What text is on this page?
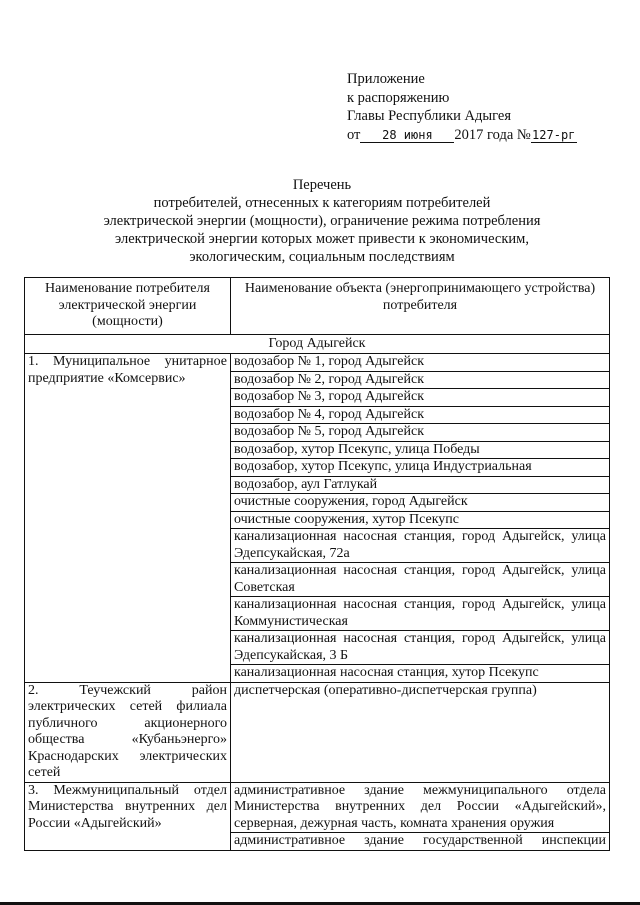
Приложение
к распоряжению
Главы Республики Адыгея
от 28 июня 2017 года №127-рг
Перечень
потребителей, отнесенных к категориям потребителей
электрической энергии (мощности), ограничение режима потребления
электрической энергии которых может привести к экономическим,
экологическим, социальным последствиям
Наименование потребителя электрической энергии (мощности)	Наименование объекта (энергопринимающего устройства) потребителя
Город Адыгейск	
1. Муниципальное унитарное предприятие «Комсервис»	водозабор № 1, город Адыгейск
	водозабор № 2, город Адыгейск
	водозабор № 3, город Адыгейск
	водозабор № 4, город Адыгейск
	водозабор № 5, город Адыгейск
	водозабор, хутор Псекупс, улица Победы
	водозабор, хутор Псекупс, улица Индустриальная
	водозабор, аул Гатлукай
	очистные сооружения, город Адыгейск
	очистные сооружения, хутор Псекупс
	канализационная насосная станция, город Адыгейск, улица Эдепсукайская, 72а
	канализационная насосная станция, город Адыгейск, улица Советская
	канализационная насосная станция, город Адыгейск, улица Коммунистическая
	канализационная насосная станция, город Адыгейск, улица Эдепсукайская, 3 Б
	канализационная насосная станция, хутор Псекупс
2. Теучежский район электрических сетей филиала публичного акционерного общества «Кубаньэнерго» Краснодарских электрических сетей	диспетчерская (оперативно-диспетчерская группа)
3. Межмуниципальный отдел Министерства внутренних дел России «Адыгейский»	административное здание межмуниципального отдела Министерства внутренних дел России «Адыгейский», серверная, дежурная часть, комната хранения оружия
	административное здание государственной инспекции
